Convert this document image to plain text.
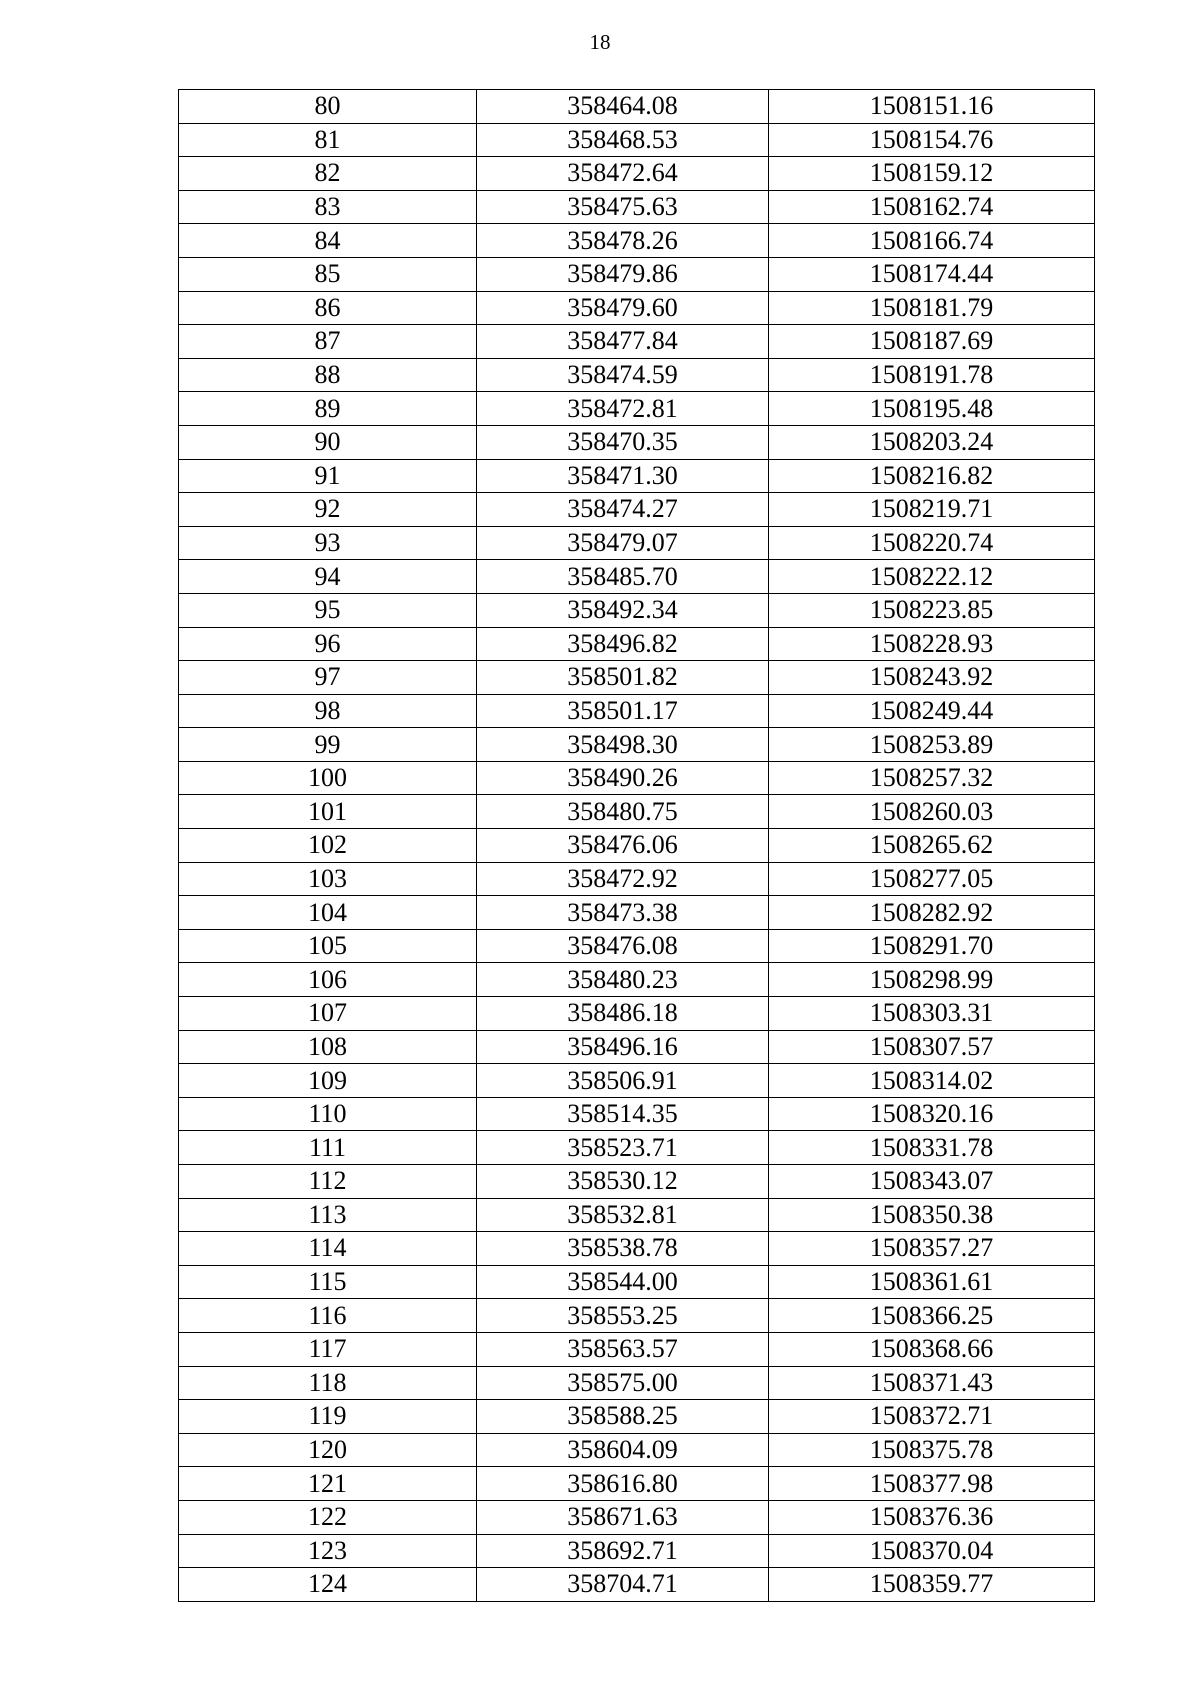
18
80	358464.08	1508151.16
81	358468.53	1508154.76
82	358472.64	1508159.12
83	358475.63	1508162.74
84	358478.26	1508166.74
85	358479.86	1508174.44
86	358479.60	1508181.79
87	358477.84	1508187.69
88	358474.59	1508191.78
89	358472.81	1508195.48
90	358470.35	1508203.24
91	358471.30	1508216.82
92	358474.27	1508219.71
93	358479.07	1508220.74
94	358485.70	1508222.12
95	358492.34	1508223.85
96	358496.82	1508228.93
97	358501.82	1508243.92
98	358501.17	1508249.44
99	358498.30	1508253.89
100	358490.26	1508257.32
101	358480.75	1508260.03
102	358476.06	1508265.62
103	358472.92	1508277.05
104	358473.38	1508282.92
105	358476.08	1508291.70
106	358480.23	1508298.99
107	358486.18	1508303.31
108	358496.16	1508307.57
109	358506.91	1508314.02
110	358514.35	1508320.16
111	358523.71	1508331.78
112	358530.12	1508343.07
113	358532.81	1508350.38
114	358538.78	1508357.27
115	358544.00	1508361.61
116	358553.25	1508366.25
117	358563.57	1508368.66
118	358575.00	1508371.43
119	358588.25	1508372.71
120	358604.09	1508375.78
121	358616.80	1508377.98
122	358671.63	1508376.36
123	358692.71	1508370.04
124	358704.71	1508359.77
